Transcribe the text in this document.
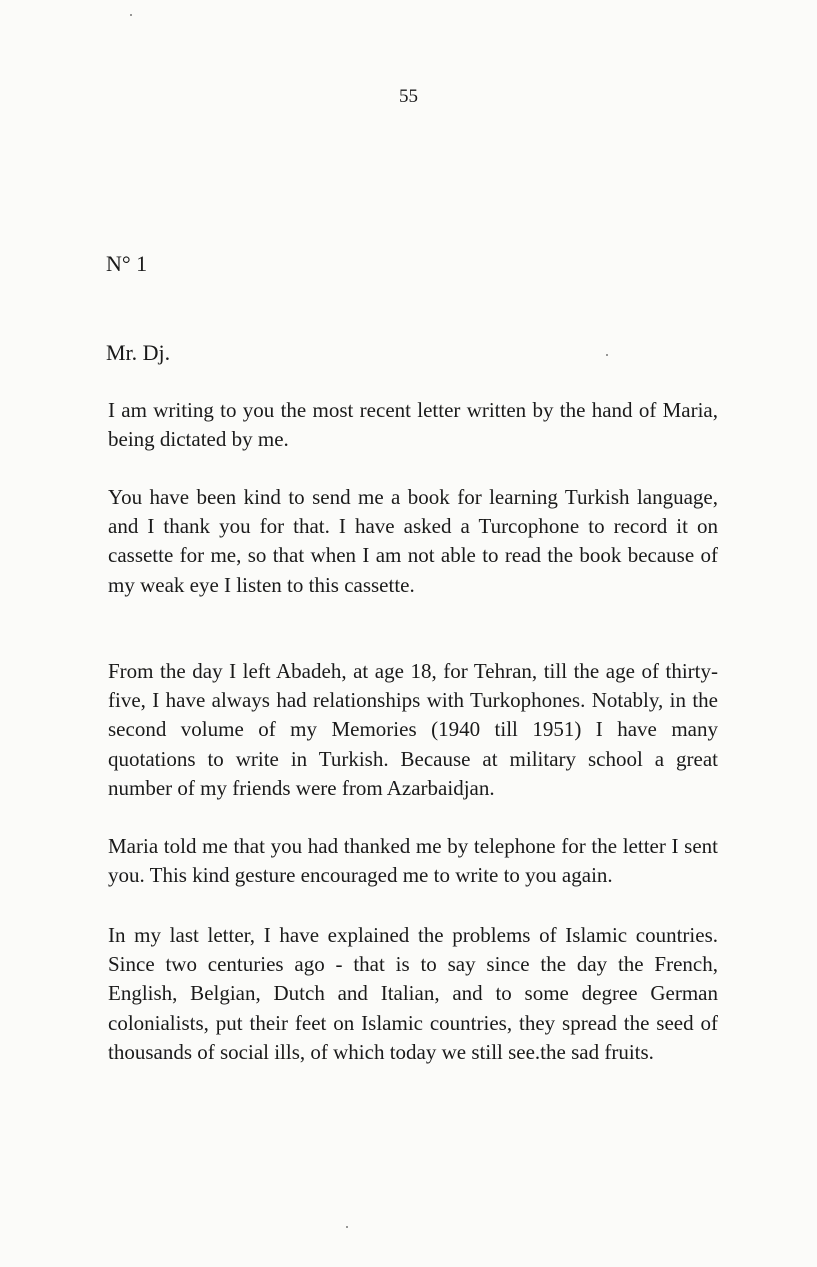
55

N° 1

Mr. Dj.

I am writing to you the most recent letter written by the hand of Maria, being dictated by me.

You have been kind to send me a book for learning Turkish language, and I thank you for that. I have asked a Turcophone to record it on cassette for me, so that when I am not able to read the book because of my weak eye I listen to this cassette.

From the day I left Abadeh, at age 18, for Tehran, till the age of thirty-five, I have always had relationships with Turkophones. Notably, in the second volume of my Memories (1940 till 1951) I have many quotations to write in Turkish. Because at military school a great number of my friends were from Azarbaidjan.

Maria told me that you had thanked me by telephone for the letter I sent you. This kind gesture encouraged me to write to you again.

In my last letter, I have explained the problems of Islamic countries. Since two centuries ago - that is to say since the day the French, English, Belgian, Dutch and Italian, and to some degree German colonialists, put their feet on Islamic countries, they spread the seed of thousands of social ills, of which today we still see.the sad fruits.
